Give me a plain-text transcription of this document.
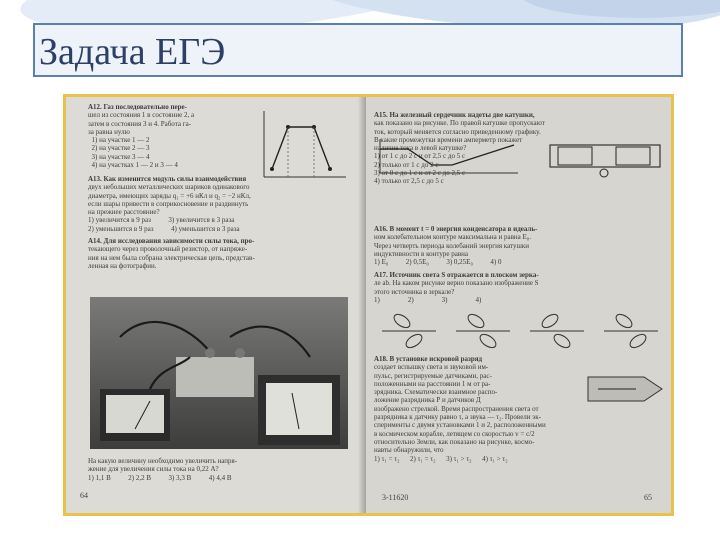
Задача ЕГЭ
А12. Газ последовательно пере-
шел из состояния 1 в состояние 2, а
затем в состояния 3 и 4. Работа га-
за равна нулю
1) на участке 1 — 2
2) на участке 2 — 3
3) на участке 3 — 4
4) на участках 1 — 2 и 3 — 4
А13. Как изменится модуль силы взаимодействия
двух небольших металлических шариков одинакового
диаметра, имеющих заряды q₁ = +6 нКл и q₂ = −2 нКл,
если шары привести в соприкосновение и раздвинуть
на прежнее расстояние?
1) увеличится в 9 раз          3) увеличится в 3 раза
2) уменьшится в 9 раз          4) уменьшится в 3 раза
А14. Для исследования зависимости силы тока, про-
текающего через проволочный резистор, от напряже-
ния на нем была собрана электрическая цепь, представ-
ленная на фотографии.
На какую величину необходимо увеличить напря-
жение для увеличения силы тока на 0,22 А?
1) 1,1 В          2) 2,2 В          3) 3,3 В          4) 4,4 В
64
А15. На железный сердечник надеты две катушки,
как показано на рисунке. По правой катушке пропускают
ток, который меняется согласно приведенному графику.
В какие промежутки времени амперметр покажет
наличие тока в левой катушке?
1) от 1 с до 2 с и от 2,5 с до 5 с
2) только от 1 с до 2 с
3) от 0 с до 1 с и от 2 с до 2,5 с
4) только от 2,5 с до 5 с
А16. В момент t = 0 энергия конденсатора в идеаль-
ном колебательном контуре максимальна и равна E₀.
Через четверть периода колебаний энергия катушки
индуктивности в контуре равна
1) E₀          2) 0,5E₀          3) 0,25E₀          4) 0
А17. Источник света S отражается в плоском зерка-
ле ab. На каком рисунке верно показано изображение S
этого источника в зеркале?
1)                2)                3)                4)
А18. В установке искровой разряд
создает вспышку света и звуковой им-
пульс, регистрируемые датчиками, рас-
положенными на расстоянии 1 м от ра-
зрядника. Схематически взаимное распо-
ложение разрядника Р и датчиков Д
изображено стрелкой. Время распространения света от
разрядника к датчику равно τ, а звука — τ₂. Провели эк-
сперименты с двумя установками 1 и 2, расположенными
в космическом корабле, летящем со скоростью v = c/2
относительно Земли, как показано на рисунке, космо-
навты обнаружили, что
1) τ₁ = τ₂      2) τ₁ = τ₂      3) τ₁ > τ₂      4) τ₁ > τ₂
3-11620	65
